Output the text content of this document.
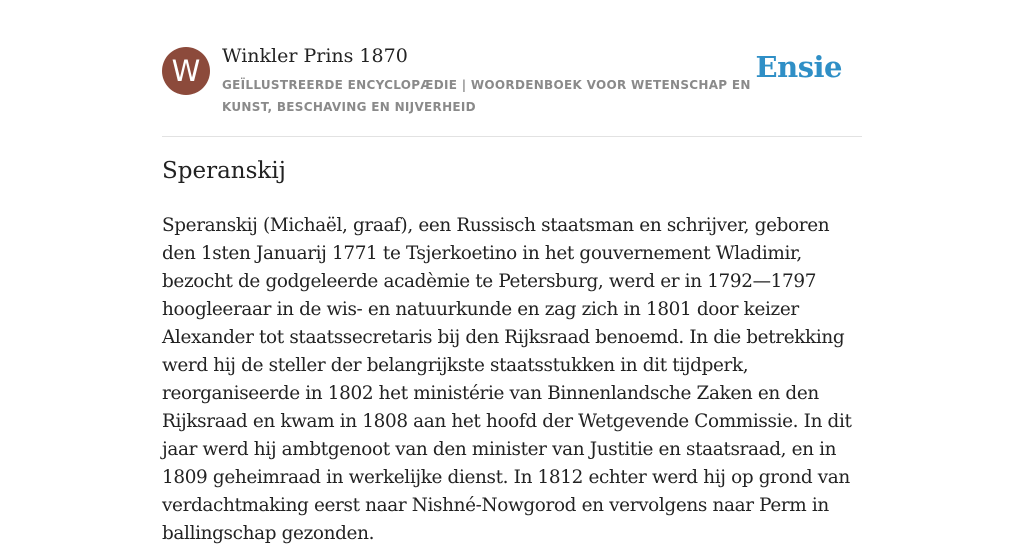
W	Winkler Prins 1870
GEÏLLUSTREERDE ENCYCLOPÆDIE | WOORDENBOEK VOOR WETENSCHAP EN KUNST, BESCHAVING EN NIJVERHEID
Ensie
Speranskij

Speranskij (Michaël, graaf), een Russisch staatsman en schrijver, geboren den 1sten Januarij 1771 te Tsjerkoetino in het gouvernement Wladimir, bezocht de godgeleerde acadèmie te Petersburg, werd er in 1792—1797 hoogleeraar in de wis- en natuurkunde en zag zich in 1801 door keizer Alexander tot staatssecretaris bij den Rijksraad benoemd. In die betrekking werd hij de steller der belangrijkste staatsstukken in dit tijdperk, reorganiseerde in 1802 het ministérie van Binnenlandsche Zaken en den Rijksraad en kwam in 1808 aan het hoofd der Wetgevende Commissie. In dit jaar werd hij ambtgenoot van den minister van Justitie en staatsraad, en in 1809 geheimraad in werkelijke dienst. In 1812 echter werd hij op grond van verdachtmaking eerst naar Nishné-Nowgorod en vervolgens naar Perm in ballingschap gezonden.
